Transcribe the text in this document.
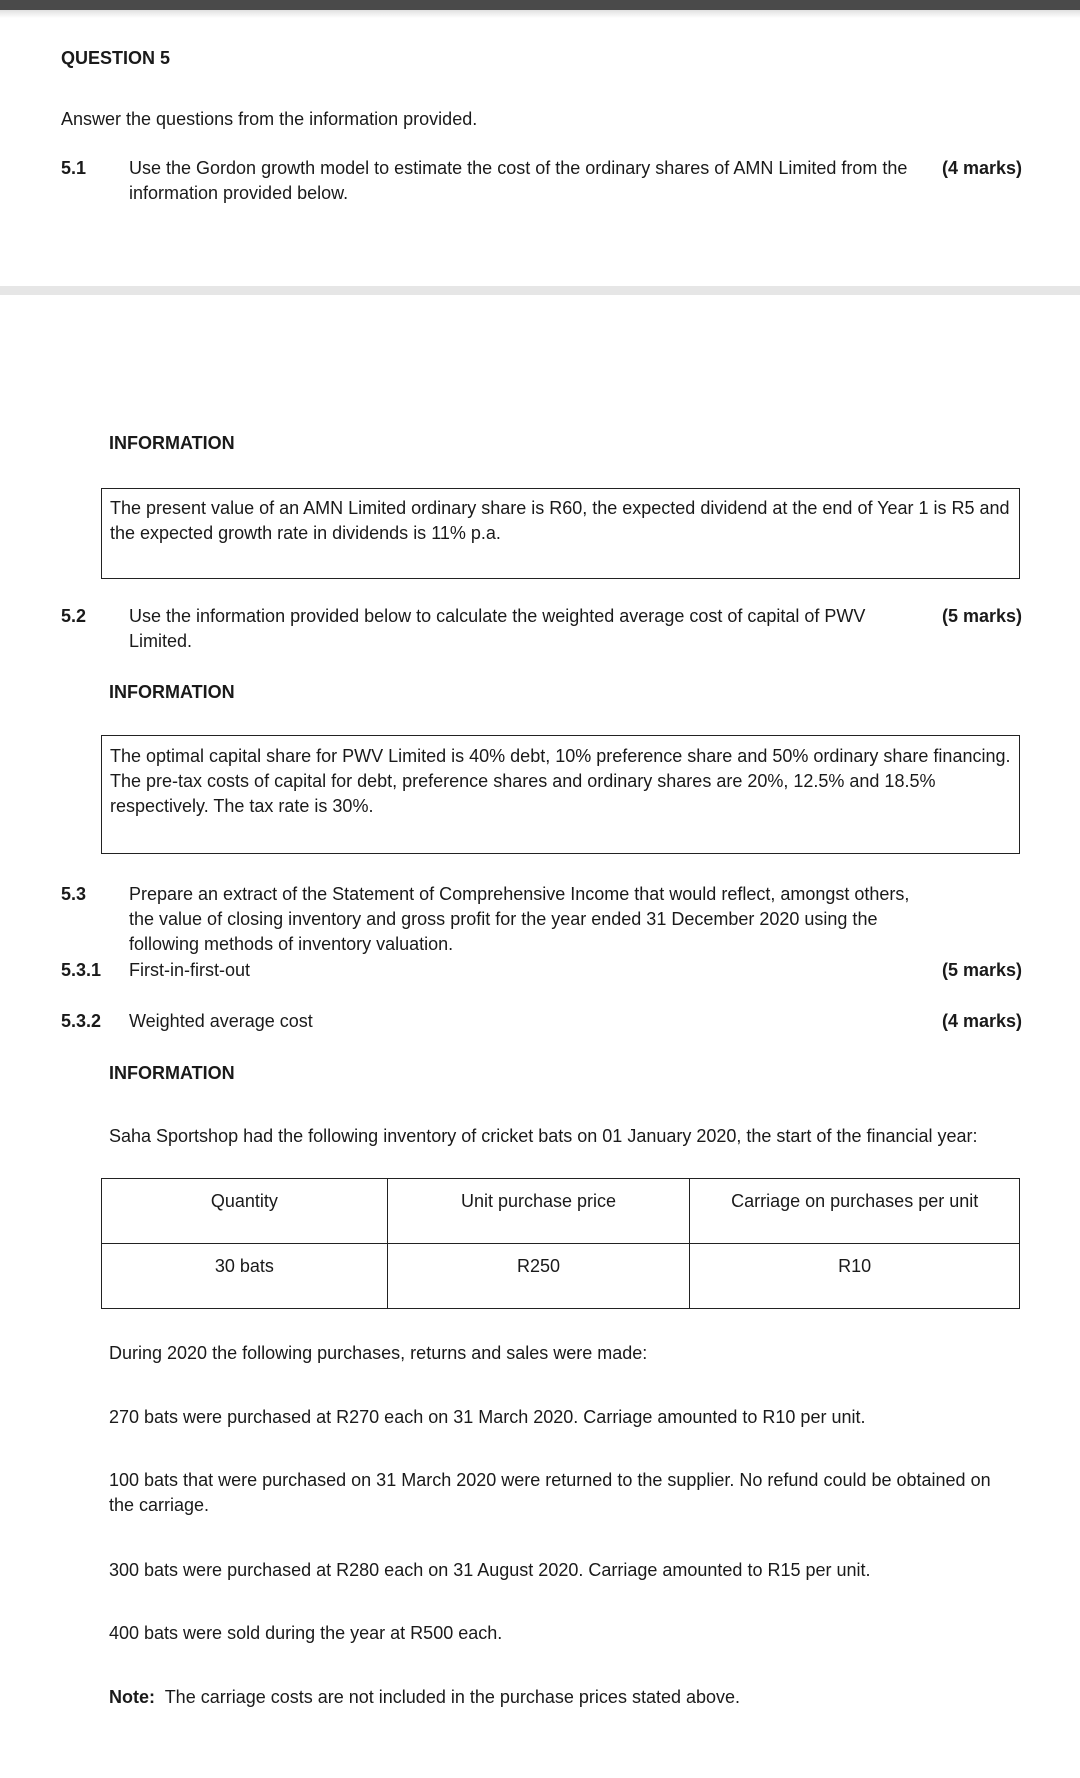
QUESTION 5
Answer the questions from the information provided.
5.1 Use the Gordon growth model to estimate the cost of the ordinary shares of AMN Limited from the information provided below.
(4 marks)
INFORMATION
The present value of an AMN Limited ordinary share is R60, the expected dividend at the end of Year 1 is R5 and the expected growth rate in dividends is 11% p.a.
5.2 Use the information provided below to calculate the weighted average cost of capital of PWV Limited.
(5 marks)
INFORMATION
The optimal capital share for PWV Limited is 40% debt, 10% preference share and 50% ordinary share financing. The pre-tax costs of capital for debt, preference shares and ordinary shares are 20%, 12.5% and 18.5% respectively. The tax rate is 30%.
5.3 Prepare an extract of the Statement of Comprehensive Income that would reflect, amongst others,
the value of closing inventory and gross profit for the year ended 31 December 2020 using the
following methods of inventory valuation.
5.3.1 First-in-first-out	(5 marks)
5.3.2 Weighted average cost	(4 marks)
INFORMATION
Saha Sportshop had the following inventory of cricket bats on 01 January 2020, the start of the financial year:
Quantity	Unit purchase price	Carriage on purchases per unit
30 bats	R250	R10
During 2020 the following purchases, returns and sales were made:
270 bats were purchased at R270 each on 31 March 2020. Carriage amounted to R10 per unit.
100 bats that were purchased on 31 March 2020 were returned to the supplier. No refund could be obtained on the carriage.
300 bats were purchased at R280 each on 31 August 2020. Carriage amounted to R15 per unit.
400 bats were sold during the year at R500 each.
Note: The carriage costs are not included in the purchase prices stated above.
